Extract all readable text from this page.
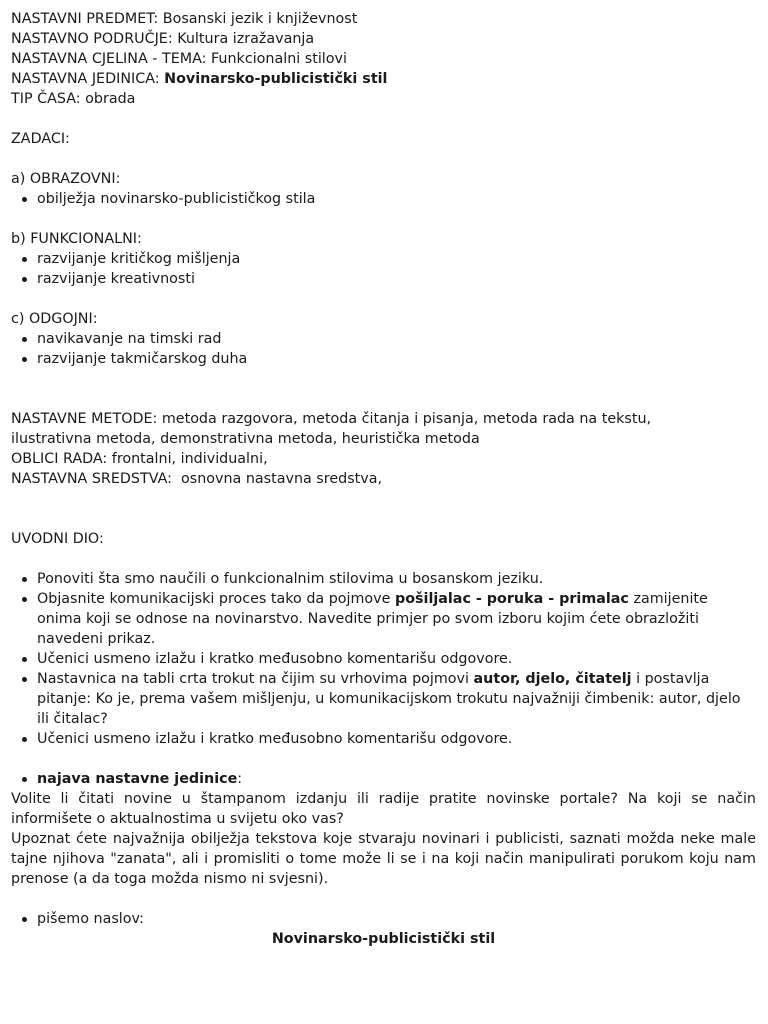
NASTAVNI PREDMET: Bosanski jezik i književnost
NASTAVNO PODRUČJE: Kultura izražavanja
NASTAVNA CJELINA - TEMA: Funkcionalni stilovi
NASTAVNA JEDINICA: Novinarsko-publicistički stil
TIP ČASA: obrada
ZADACI:
a) OBRAZOVNI:
obilježja novinarsko-publicističkog stila
b) FUNKCIONALNI:
razvijanje kritičkog mišljenja
razvijanje kreativnosti
c) ODGOJNI:
navikavanje na timski rad
razvijanje takmičarskog duha
NASTAVNE METODE: metoda razgovora, metoda čitanja i pisanja, metoda rada na tekstu,
ilustrativna metoda, demonstrativna metoda, heuristička metoda
OBLICI RADA: frontalni, individualni,
NASTAVNA SREDSTVA:  osnovna nastavna sredstva,
UVODNI DIO:
Ponoviti šta smo naučili o funkcionalnim stilovima u bosanskom jeziku.
Objasnite komunikacijski proces tako da pojmove pošiljalac - poruka - primalac zamijenite onima koji se odnose na novinarstvo. Navedite primjer po svom izboru kojim ćete obrazložiti navedeni prikaz.
Učenici usmeno izlažu i kratko međusobno komentarišu odgovore.
Nastavnica na tabli crta trokut na čijim su vrhovima pojmovi autor, djelo, čitatelj i postavlja pitanje: Ko je, prema vašem mišljenju, u komunikacijskom trokutu najvažniji čimbenik: autor, djelo ili čitalac?
Učenici usmeno izlažu i kratko međusobno komentarišu odgovore.
najava nastavne jedinice:
Volite li čitati novine u štampanom izdanju ili radije pratite novinske portale? Na koji se način informišete o aktualnostima u svijetu oko vas?
Upoznat ćete najvažnija obilježja tekstova koje stvaraju novinari i publicisti, saznati možda neke male tajne njihova "zanata", ali i promisliti o tome može li se i na koji način manipulirati porukom koju nam prenose (a da toga možda nismo ni svjesni).
pišemo naslov:
Novinarsko-publicistički stil
